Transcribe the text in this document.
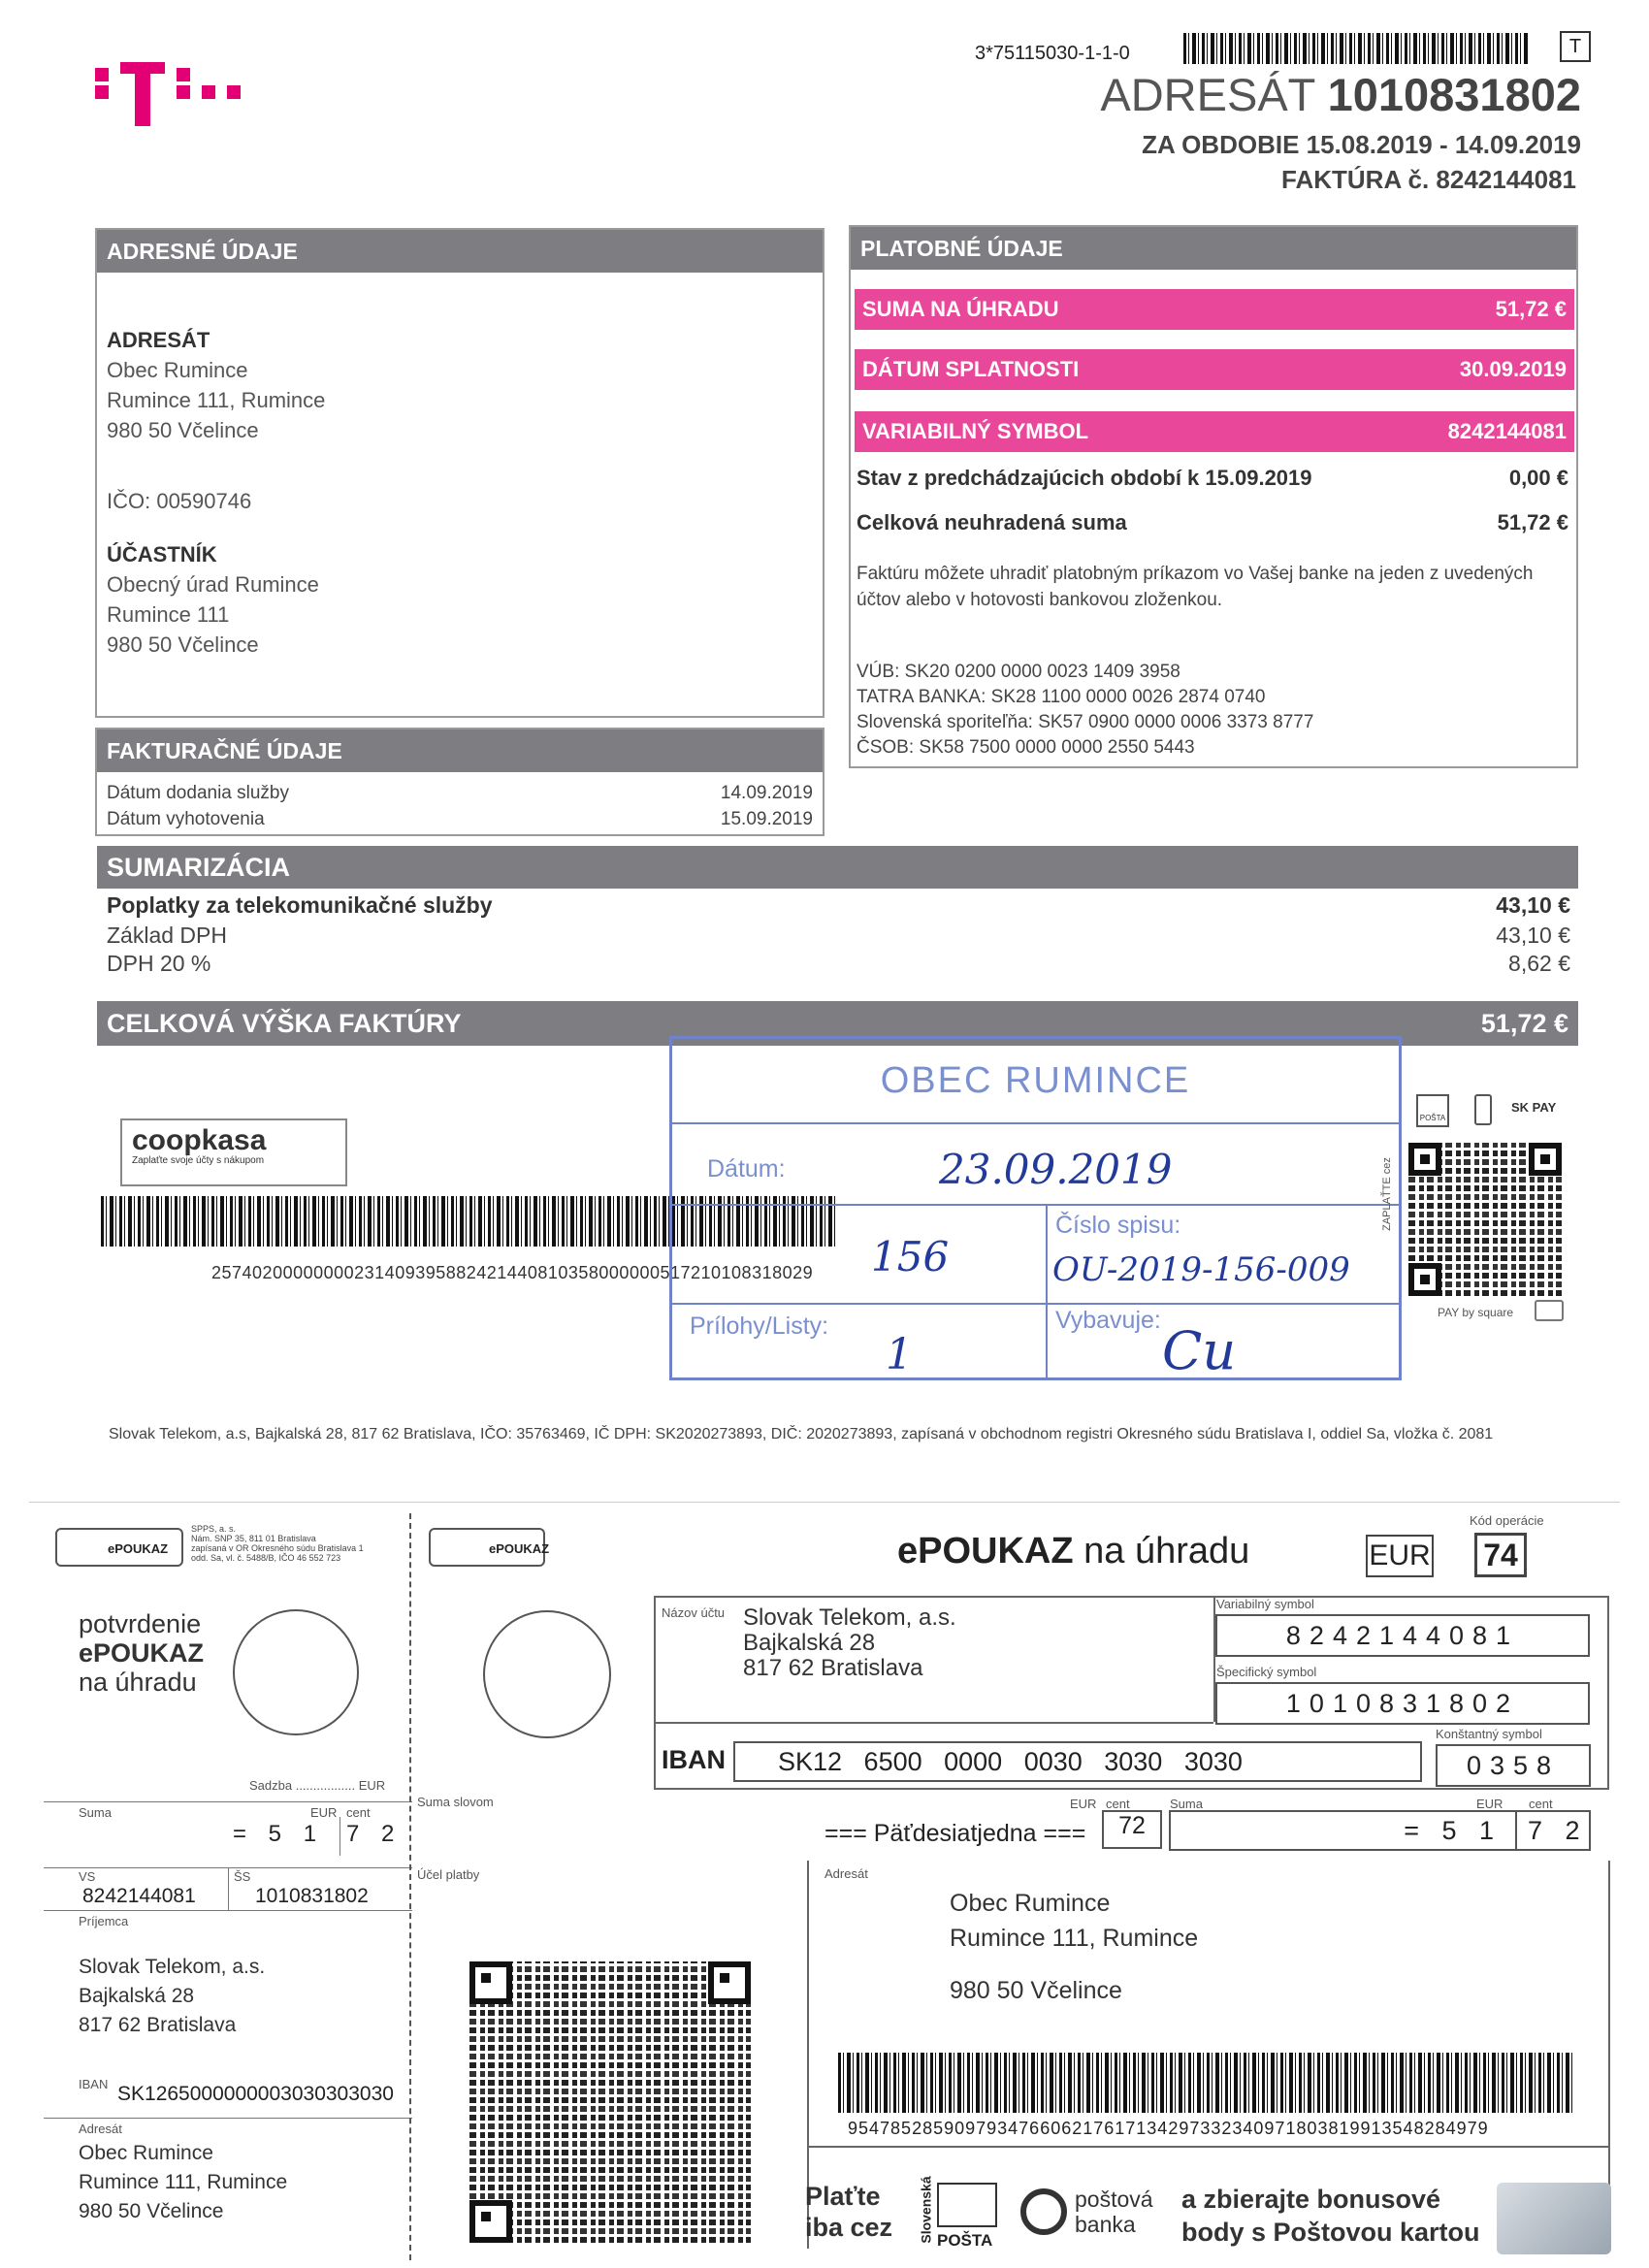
3*75115030-1-1-0	T
ADRESÁT 1010831802
ZA OBDOBIE 15.08.2019 - 14.09.2019
FAKTÚRA č. 8242144081
ADRESNÉ ÚDAJE
ADRESÁT
Obec Rumince
Rumince 111, Rumince
980 50 Včelince
IČO: 00590746
ÚČASTNÍK
Obecný úrad Rumince
Rumince 111
980 50 Včelince
FAKTURAČNÉ ÚDAJE
Dátum dodania služby	14.09.2019
Dátum vyhotovenia	15.09.2019
PLATOBNÉ ÚDAJE
SUMA NA ÚHRADU	51,72 €
DÁTUM SPLATNOSTI	30.09.2019
VARIABILNÝ SYMBOL	8242144081
Stav z predchádzajúcich období k 15.09.2019	0,00 €
Celková neuhradená suma	51,72 €
Faktúru môžete uhradiť platobným príkazom vo Vašej banke na jeden z uvedených účtov alebo v hotovosti bankovou zloženkou.
VÚB: SK20 0200 0000 0023 1409 3958
TATRA BANKA: SK28 1100 0000 0026 2874 0740
Slovenská sporiteľňa: SK57 0900 0000 0006 3373 8777
ČSOB: SK58 7500 0000 0000 2550 5443
SUMARIZÁCIA
Poplatky za telekomunikačné služby	43,10 €
Základ DPH	43,10 €
DPH 20 %	8,62 €
CELKOVÁ VÝŠKA FAKTÚRY	51,72 €
coopkasa
Zaplaťte svoje účty s nákupom
25740200000000231409395882421440810358000000517210108318029
OBEC RUMINCE
Dátum:	23.09.2019
156
Číslo spisu:
OU-2019-156-009
Prílohy/Listy:
1
Vybavuje: Cu
POŠTA
SK PAY
ZAPLAŤTE cez
PAY by square
Slovak Telekom, a.s, Bajkalská 28, 817 62 Bratislava, IČO: 35763469, IČ DPH: SK2020273893, DIČ: 2020273893, zapísaná v obchodnom registri Okresného súdu Bratislava I, oddiel Sa, vložka č. 2081
ePOUKAZ
SPPS, a. s.
Nám. SNP 35, 811 01 Bratislava
zapísaná v OR Okresného súdu Bratislava 1
odd. Sa, vl. č. 5488/B, IČO 46 552 723
potvrdenie
ePOUKAZ
na úhradu
Sadzba ................. EUR
Suma	EUR cent
= 5 1 7 2
VS
8242144081
ŠS
1010831802
Príjemca
Slovak Telekom, a.s.
Bajkalská 28
817 62 Bratislava
IBAN SK1265000000003030303030
Adresát
Obec Rumince
Rumince 111, Rumince
980 50 Včelince
ePOUKAZ
Suma slovom
Účel platby
ePOUKAZ na úhradu	EUR
Kód operácie
74
Názov účtu Slovak Telekom, a.s.
Bajkalská 28
817 62 Bratislava
IBAN	SK12   6500   0000   0030   3030   3030
Variabilný symbol
8242144081
Špecifický symbol
1010831802
Konštantný symbol
0358
=== Päťdesiatjedna ===
EUR cent
72
Suma	EUR cent
= 5 1 7 2
Adresát
Obec Rumince
Rumince 111, Rumince
980 50 Včelince
954785285909793476606217617134297332340971803819913548284979
Plaťte
iba cez Slovenská POŠTA
poštová
banka
a zbierajte bonusové
body s Poštovou kartou
